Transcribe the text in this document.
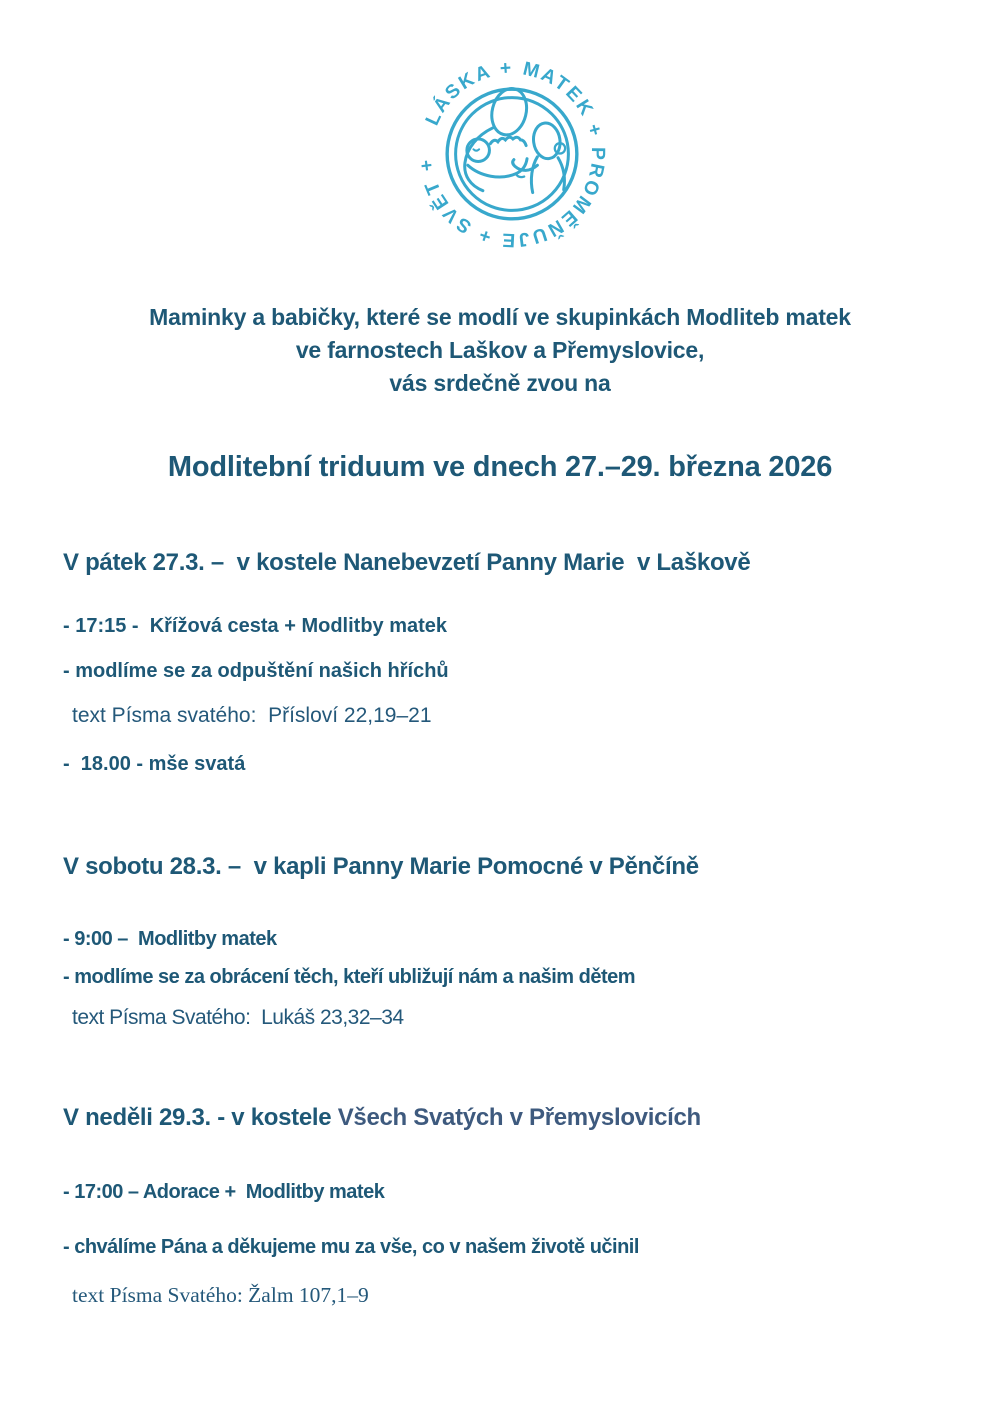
LÁSKA + MATEK + PROMĚŇUJE + SVĚT +
Maminky a babičky, které se modlí ve skupinkách Modliteb matek
ve farnostech Laškov a Přemyslovice,
vás srdečně zvou na
Modlitební triduum ve dnech 27.–29. března 2026
V pátek 27.3. –  v kostele Nanebevzetí Panny Marie  v Laškově
- 17:15 -  Křížová cesta + Modlitby matek
- modlíme se za odpuštění našich hříchů
text Písma svatého:  Přísloví 22,19–21
-  18.00 - mše svatá
V sobotu 28.3. –  v kapli Panny Marie Pomocné v Pěnčíně
- 9:00 –  Modlitby matek
- modlíme se za obrácení těch, kteří ubližují nám a našim dětem
text Písma Svatého:  Lukáš 23,32–34
V neděli 29.3. - v kostele Všech Svatých v Přemyslovicích
- 17:00 – Adorace +  Modlitby matek
- chválíme Pána a děkujeme mu za vše, co v našem životě učinil
text Písma Svatého: Žalm 107,1–9
